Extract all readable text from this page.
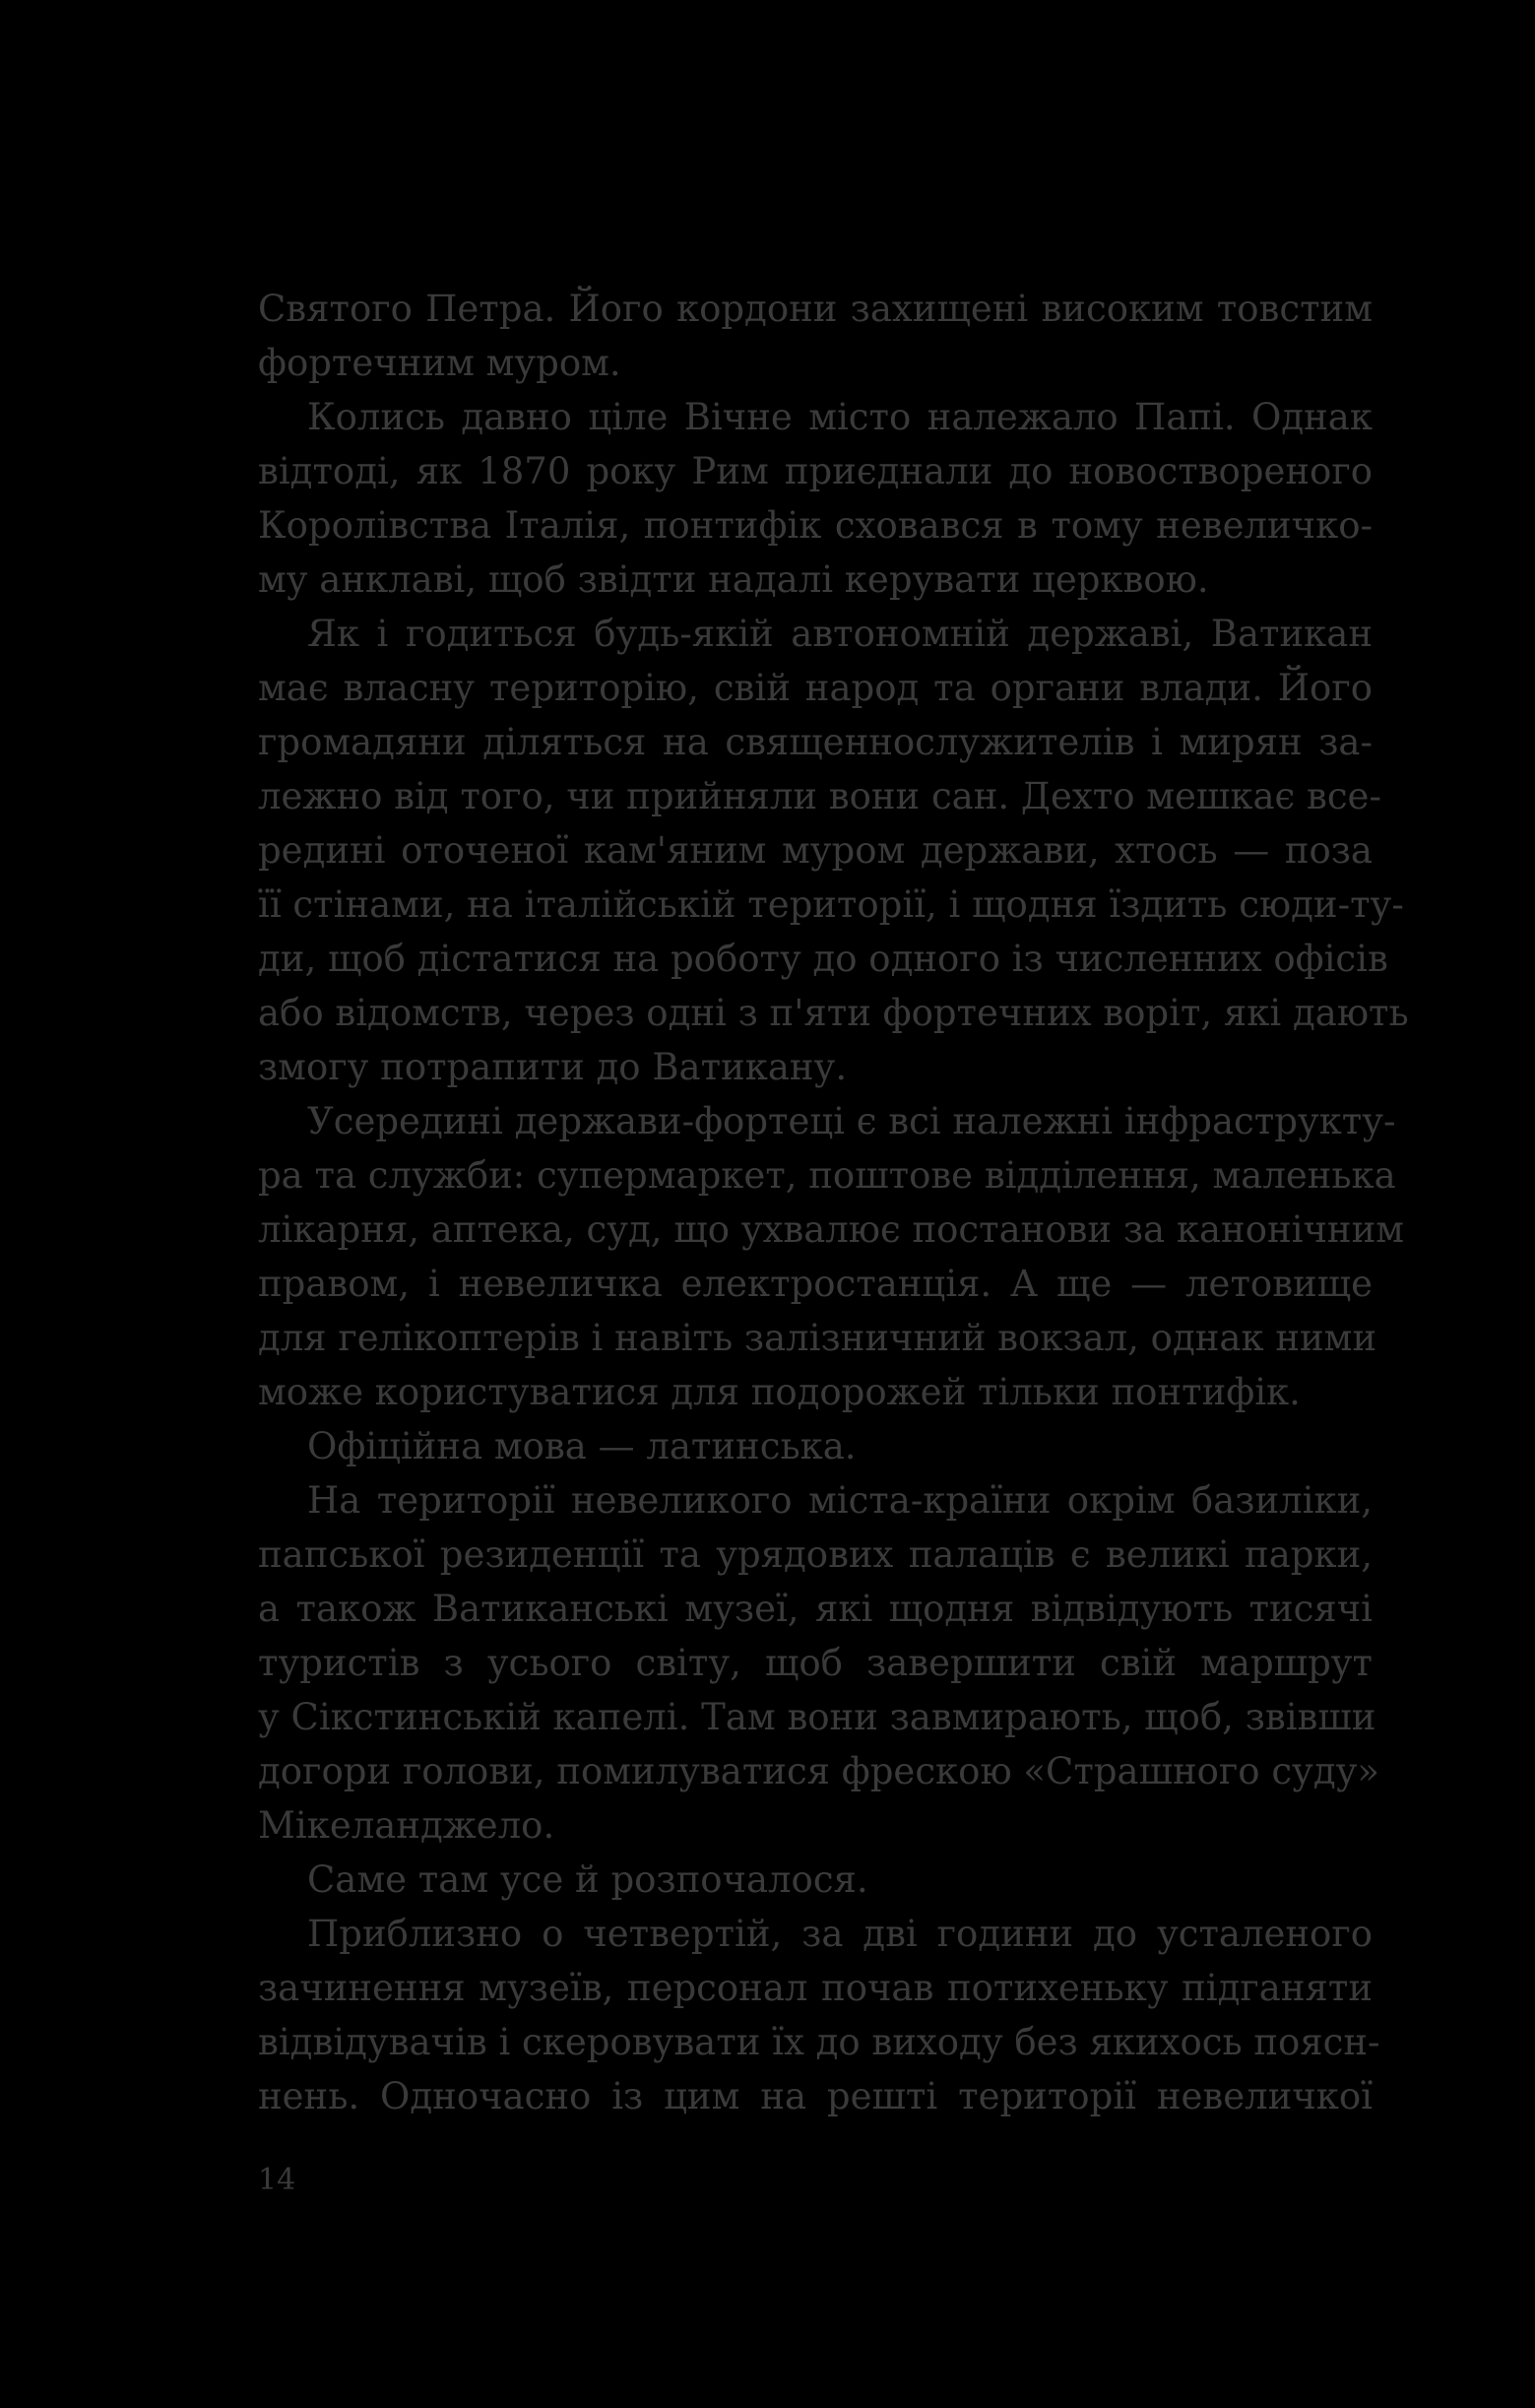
Святого Петра. Його кордони захищені високим товстим
фортечним муром.
Колись давно ціле Вічне місто належало Папі. Однак
відтоді, як 1870 року Рим приєднали до новоствореного
Королівства Італія, понтифік сховався в тому невеличко-
му анклаві, щоб звідти надалі керувати церквою.
Як і годиться будь-якій автономній державі, Ватикан
має власну територію, свій народ та органи влади. Його
громадяни діляться на священнослужителів і мирян за-
лежно від того, чи прийняли вони сан. Дехто мешкає все-
редині оточеної кам'яним муром держави, хтось — поза
її стінами, на італійській території, і щодня їздить сюди-ту-
ди, щоб дістатися на роботу до одного із численних офісів
або відомств, через одні з п'яти фортечних воріт, які дають
змогу потрапити до Ватикану.
Усередині держави-фортеці є всі належні інфраструкту-
ра та служби: супермаркет, поштове відділення, маленька
лікарня, аптека, суд, що ухвалює постанови за канонічним
правом, і невеличка електростанція. А ще — летовище
для гелікоптерів і навіть залізничний вокзал, однак ними
може користуватися для подорожей тільки понтифік.
Офіційна мова — латинська.
На території невеликого міста-країни окрім базиліки,
папської резиденції та урядових палаців є великі парки,
а також Ватиканські музеї, які щодня відвідують тисячі
туристів з усього світу, щоб завершити свій маршрут
у Сікстинській капелі. Там вони завмирають, щоб, звівши
догори голови, помилуватися фрескою «Страшного суду»
Мікеланджело.
Саме там усе й розпочалося.
Приблизно о четвертій, за дві години до усталеного
зачинення музеїв, персонал почав потихеньку підганяти
відвідувачів і скеровувати їх до виходу без якихось поясн-
нень. Одночасно із цим на решті території невеличкої
14
